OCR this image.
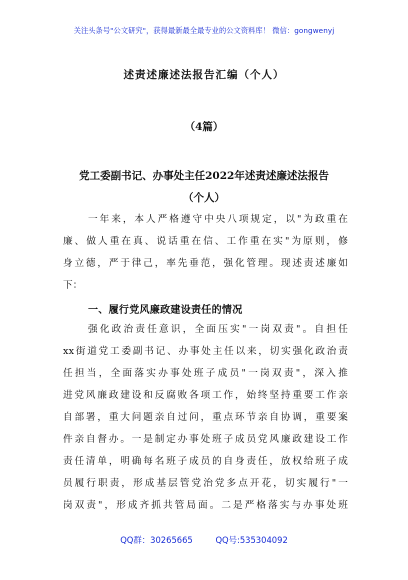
关注头条号"公文研究"，获得最新最全最专业的公文资料库！ 微信：gongwenyj
述责述廉述法报告汇编（个人）
（4篇）
党工委副书记、办事处主任2022年述责述廉述法报告
（个人）
一年来，本人严格遵守中央八项规定，以"为政重在
廉、做人重在真、说话重在信、工作重在实"为原则，修
身立德，严于律己，率先垂范，强化管理。现述责述廉如
下：
一、履行党风廉政建设责任的情况
强化政治责任意识，全面压实"一岗双责"。自担任
xx街道党工委副书记、办事处主任以来，切实强化政治责
任担当，全面落实办事处班子成员"一岗双责"，深入推
进党风廉政建设和反腐败各项工作，始终坚持重要工作亲
自部署，重大问题亲自过问，重点环节亲自协调，重要案
件亲自督办。一是制定办事处班子成员党风廉政建设工作
责任清单，明确每名班子成员的自身责任，放权给班子成
员履行职责，形成基层管党治党多点开花，切实履行"一
岗双责"，形成齐抓共管局面。二是严格落实与办事处班
QQ群：30265665	QQ号:535304092
